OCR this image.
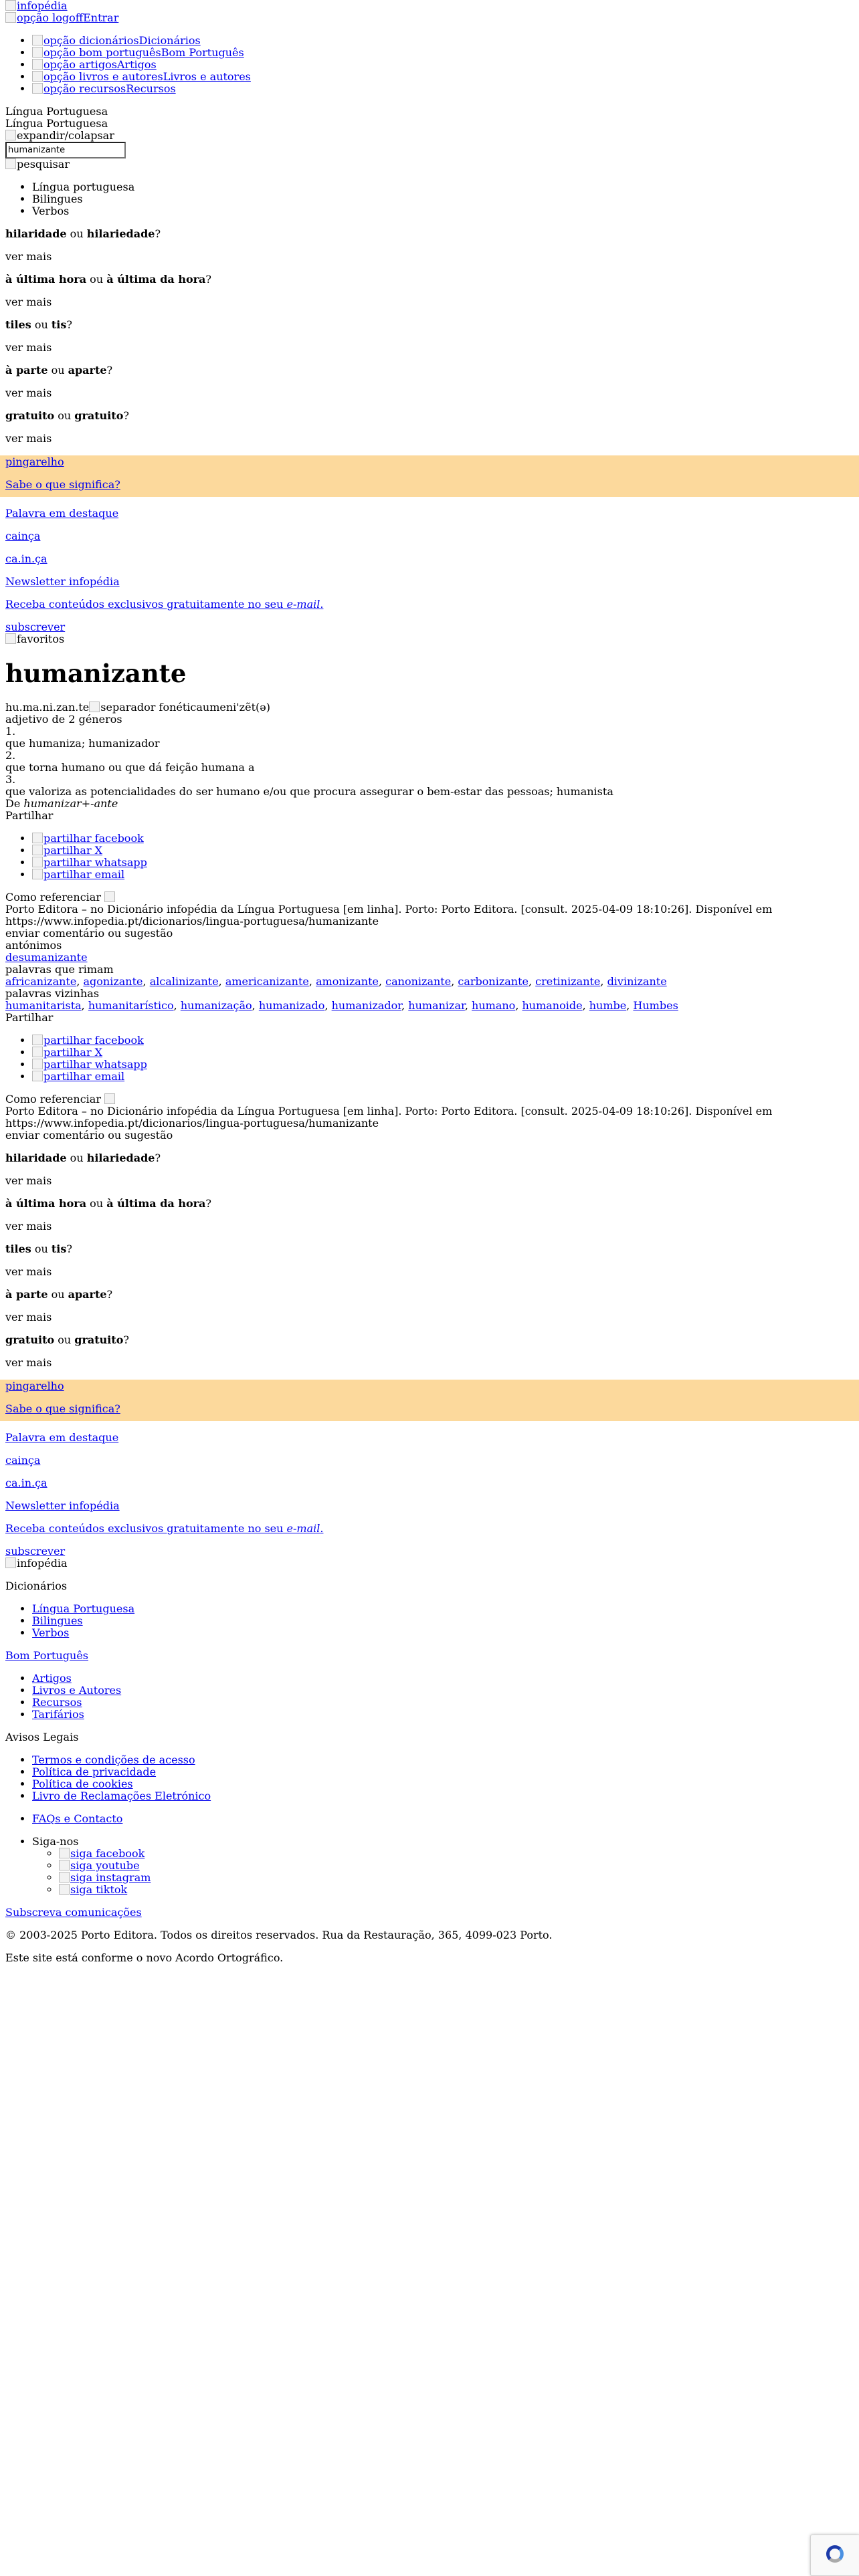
infopédia
opção logoffEntrar
• opção dicionáriosDicionários
• opção bom portuguêsBom Português
• opção artigosArtigos
• opção livros e autoresLivros e autores
• opção recursosRecursos
Língua Portuguesa
Língua Portuguesa
expandir/colapsar
humanizante
pesquisar
• Língua portuguesa
• Bilingues
• Verbos

hilaridade ou hilariedade?

ver mais

à última hora ou à última da hora?

ver mais

tiles ou tis?

ver mais

à parte ou aparte?

ver mais

gratuito ou gratuito?

ver mais

pingarelho

Sabe o que significa?

Palavra em destaque

cainça

ca.in.ça

Newsletter infopédia

Receba conteúdos exclusivos gratuitamente no seu e-mail.

subscrever
favoritos
humanizante
hu.ma.ni.zan.te separador fonéticaumeni'zẽt(ə)
adjetivo de 2 géneros
1.
que humaniza; humanizador
2.
que torna humano ou que dá feição humana a
3.
que valoriza as potencialidades do ser humano e/ou que procura assegurar o bem-estar das pessoas; humanista
De humanizar+-ante
Partilhar
• partilhar facebook
• partilhar X
• partilhar whatsapp
• partilhar email
Como referenciar
Porto Editora – no Dicionário infopédia da Língua Portuguesa [em linha]. Porto: Porto Editora. [consult. 2025-04-09 18:10:26]. Disponível em https://www.infopedia.pt/dicionarios/lingua-portuguesa/humanizante
enviar comentário ou sugestão
antónimos
desumanizante
palavras que rimam
africanizante, agonizante, alcalinizante, americanizante, amonizante, canonizante, carbonizante, cretinizante, divinizante
palavras vizinhas
humanitarista, humanitarístico, humanização, humanizado, humanizador, humanizar, humano, humanoide, humbe, Humbes
Partilhar
• partilhar facebook
• partilhar X
• partilhar whatsapp
• partilhar email
Como referenciar
Porto Editora – no Dicionário infopédia da Língua Portuguesa [em linha]. Porto: Porto Editora. [consult. 2025-04-09 18:10:26]. Disponível em https://www.infopedia.pt/dicionarios/lingua-portuguesa/humanizante
enviar comentário ou sugestão

hilaridade ou hilariedade?

ver mais

à última hora ou à última da hora?

ver mais

tiles ou tis?

ver mais

à parte ou aparte?

ver mais

gratuito ou gratuito?

ver mais

pingarelho

Sabe o que significa?

Palavra em destaque

cainça

ca.in.ça

Newsletter infopédia

Receba conteúdos exclusivos gratuitamente no seu e-mail.

subscrever
infopédia

Dicionários

• Língua Portuguesa
• Bilingues
• Verbos

Bom Português

• Artigos
• Livros e Autores
• Recursos
• Tarifários

Avisos Legais

• Termos e condições de acesso
• Política de privacidade
• Política de cookies
• Livro de Reclamações Eletrónico
• FAQs e Contacto
• Siga-nos
◦ siga facebook
◦ siga youtube
◦ siga instagram
◦ siga tiktok

Subscreva comunicações

© 2003-2025 Porto Editora. Todos os direitos reservados. Rua da Restauração, 365, 4099-023 Porto.

Este site está conforme o novo Acordo Ortográfico.
